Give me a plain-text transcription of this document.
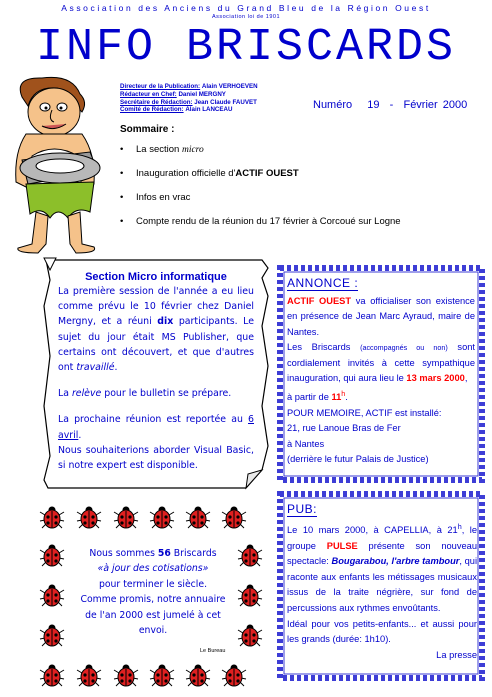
Association des Anciens du Grand Bleu de la Région Ouest
Association loi de 1901
INFO BRISCARDS
Directeur de la Publication: Alain VERHOEVEN
Rédacteur en Chef: Daniel MERGNY
Secrétaire de Rédaction: Jean Claude FAUVET
Comité de Rédaction: Alain LANCEAU	Numéro 19 - Février 2000
Sommaire :
• La section micro
• Inauguration officielle d'ACTIF OUEST
• Infos en vrac
• Compte rendu de la réunion du 17 février à Corcoué sur Logne
Section Micro informatique

La première session de l'année a eu lieu comme prévu le 10 février chez Daniel Mergny, et a réuni dix participants. Le sujet du jour était MS Publisher, que certains ont découvert, et que d'autres ont travaillé.

La relève pour le bulletin se prépare.

La prochaine réunion est reportée au 6 avril.

Nous souhaiterions aborder Visual Basic, si notre expert est disponible.

ANNONCE :
ACTIF OUEST va officialiser son existence en présence de Jean Marc Ayraud, maire de Nantes.
Les Briscards (accompagnés ou non) sont cordialement invités à cette sympathique inauguration, qui aura lieu le 13 mars 2000,
à partir de 11$^h$.
POUR MEMOIRE, ACTIF est installé:
21, rue Lanoue Bras de Fer
à Nantes
(derrière le futur Palais de Justice)
PUB:
Le 10 mars 2000, à CAPELLIA, à 21$^h$, le groupe PULSE présente son nouveau spectacle: Bougarabou, l'arbre tambour, qui raconte aux enfants les métissages musicaux issus de la traite négrière, sur fond de percussions aux rythmes envoûtants.
Idéal pour vos petits-enfants... et aussi pour les grands (durée: 1h10).
La presse
Nous sommes 56 Briscards
«à jour des cotisations»
pour terminer le siècle.
Comme promis, notre annuaire de l'an 2000 est jumelé à cet envoi.
Le Bureau
